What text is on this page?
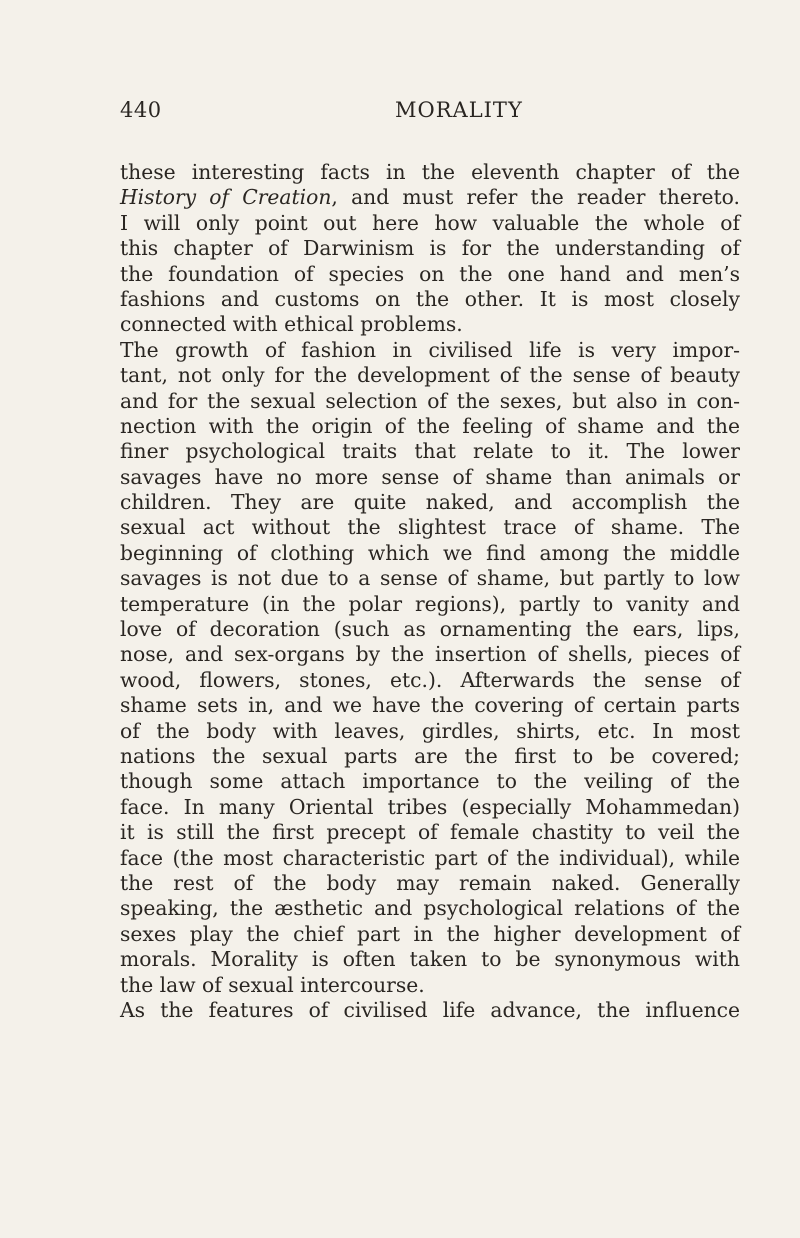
440	MORALITY
these interesting facts in the eleventh chapter of the
History of Creation, and must refer the reader thereto.
I will only point out here how valuable the whole of
this chapter of Darwinism is for the understanding of
the foundation of species on the one hand and men’s
fashions and customs on the other. It is most closely
connected with ethical problems.
The growth of fashion in civilised life is very impor-
tant, not only for the development of the sense of beauty
and for the sexual selection of the sexes, but also in con-
nection with the origin of the feeling of shame and the
finer psychological traits that relate to it. The lower
savages have no more sense of shame than animals or
children. They are quite naked, and accomplish the
sexual act without the slightest trace of shame. The
beginning of clothing which we find among the middle
savages is not due to a sense of shame, but partly to low
temperature (in the polar regions), partly to vanity and
love of decoration (such as ornamenting the ears, lips,
nose, and sex-organs by the insertion of shells, pieces of
wood, flowers, stones, etc.). Afterwards the sense of
shame sets in, and we have the covering of certain parts
of the body with leaves, girdles, shirts, etc. In most
nations the sexual parts are the first to be covered;
though some attach importance to the veiling of the
face. In many Oriental tribes (especially Mohammedan)
it is still the first precept of female chastity to veil the
face (the most characteristic part of the individual), while
the rest of the body may remain naked. Generally
speaking, the æsthetic and psychological relations of the
sexes play the chief part in the higher development of
morals. Morality is often taken to be synonymous with
the law of sexual intercourse.
As the features of civilised life advance, the influence
